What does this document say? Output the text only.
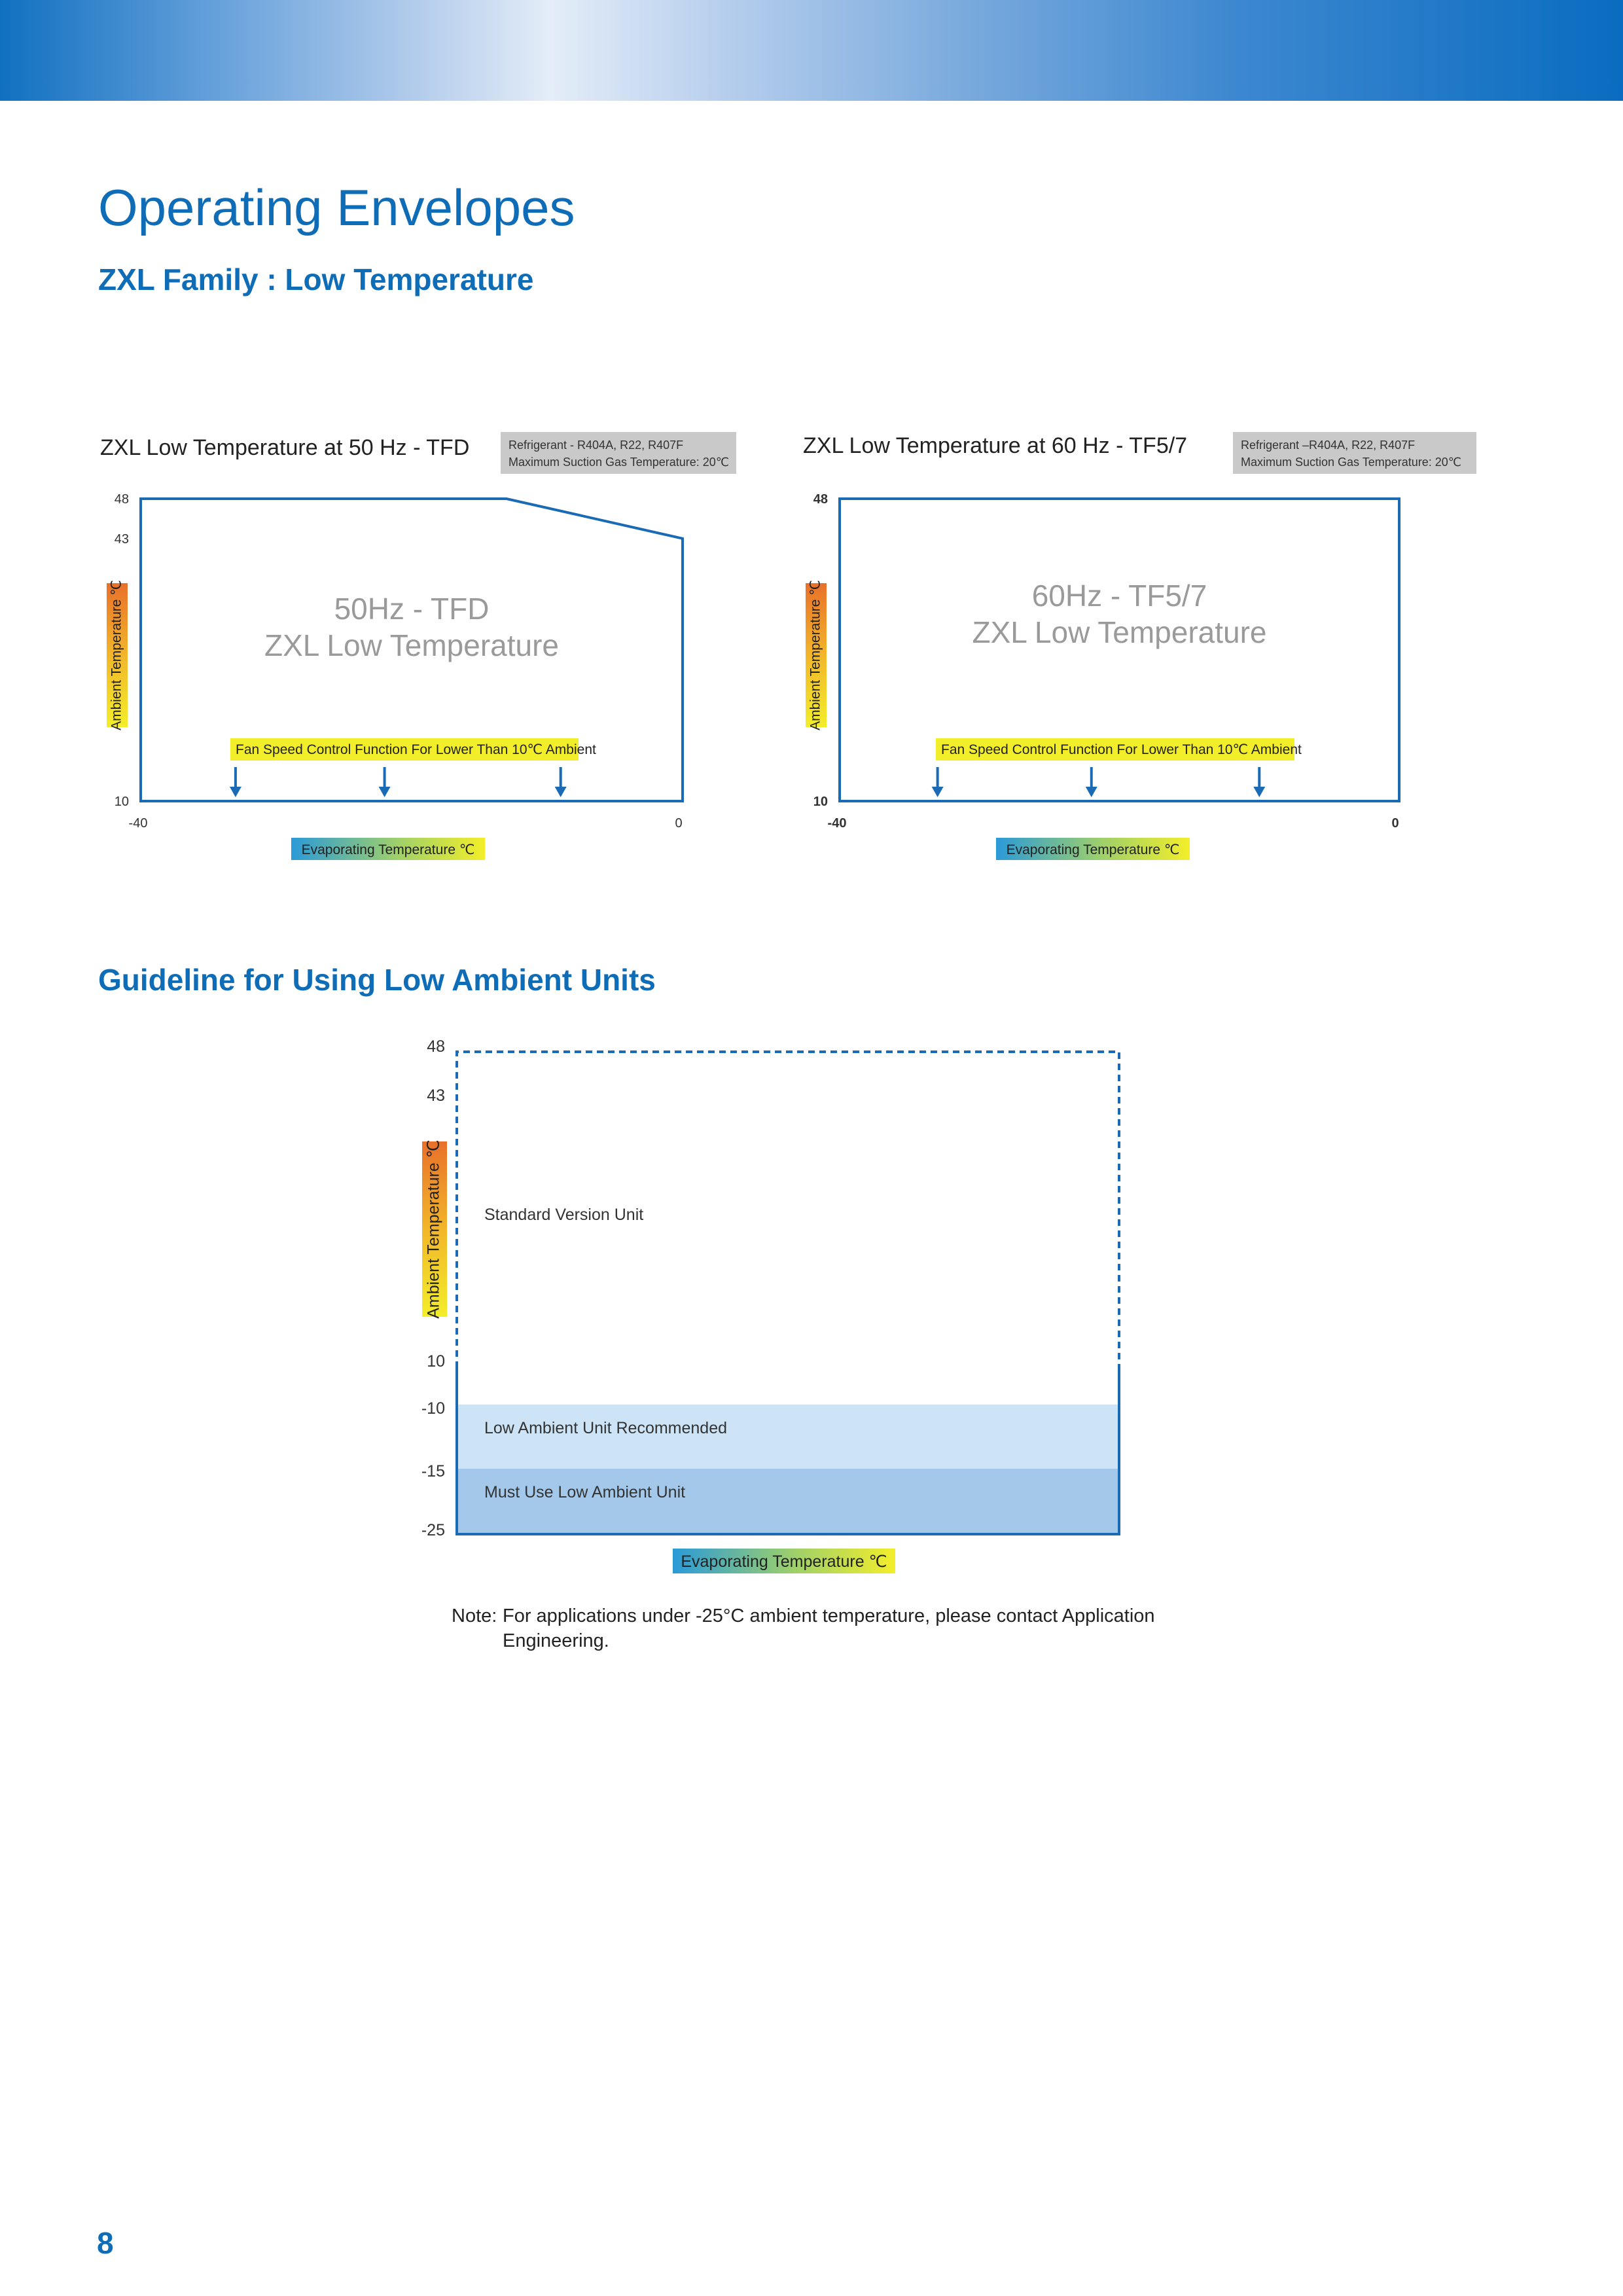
Operating Envelopes
ZXL Family : Low Temperature
Guideline for Using Low Ambient Units
ZXL Low Temperature at 50 Hz - TFD	Refrigerant - R404A, R22, R407F
Maximum Suction Gas Temperature: 20℃
50Hz - TFD
ZXL Low Temperature
48
43
10
-40	0
Fan Speed Control Function For Lower Than 10℃ Ambient
Evaporating Temperature ℃
Ambient Temperature ℃
ZXL Low Temperature at 60 Hz - TF5/7	Refrigerant –R404A, R22, R407F
Maximum Suction Gas Temperature: 20℃
60Hz - TF5/7
ZXL Low Temperature
48
10
-40	0
Fan Speed Control Function For Lower Than 10℃ Ambient
Evaporating Temperature ℃
Ambient Temperature ℃
Standard Version Unit
Low Ambient Unit Recommended
Must Use Low Ambient Unit
48
43
10
-10
-15
-25
Evaporating Temperature ℃
Ambient Temperature ℃
Note: For applications under -25°C ambient temperature, please contact Application Engineering.
8
